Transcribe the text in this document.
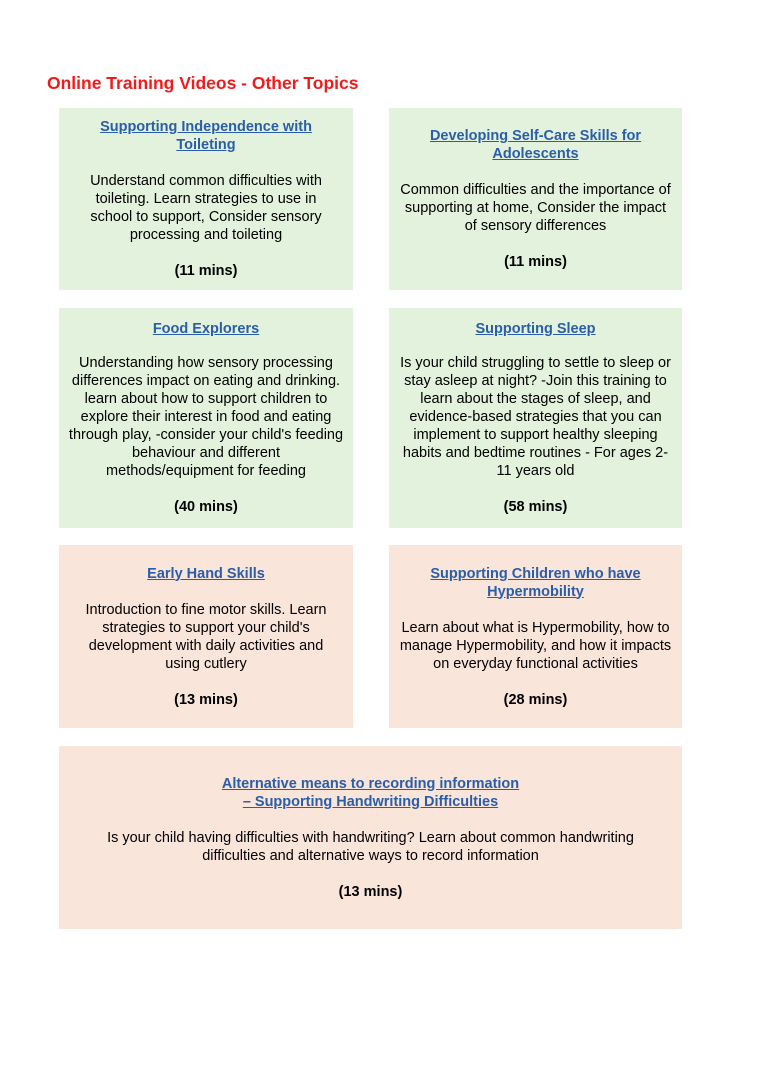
Online Training Videos - Other Topics
Supporting Independence with
Toileting

Understand common difficulties with toileting. Learn strategies to use in school to support, Consider sensory processing and toileting

(11 mins)

Developing Self-Care Skills for
Adolescents

Common difficulties and the importance of supporting at home, Consider the impact of sensory differences

(11 mins)

Food Explorers

Understanding how sensory processing differences impact on eating and drinking. learn about how to support children to explore their interest in food and eating through play, -consider your child's feeding behaviour and different methods/equipment for feeding

(40 mins)

Supporting Sleep

Is your child struggling to settle to sleep or stay asleep at night? -Join this training to learn about the stages of sleep, and evidence-based strategies that you can implement to support healthy sleeping habits and bedtime routines - For ages 2-11 years old

(58 mins)

Early Hand Skills

Introduction to fine motor skills. Learn strategies to support your child's development with daily activities and using cutlery

(13 mins)

Supporting Children who have
Hypermobility

Learn about what is Hypermobility, how to manage Hypermobility, and how it impacts on everyday functional activities

(28 mins)

Alternative means to recording information
– Supporting Handwriting Difficulties

Is your child having difficulties with handwriting? Learn about common handwriting difficulties and alternative ways to record information

(13 mins)
